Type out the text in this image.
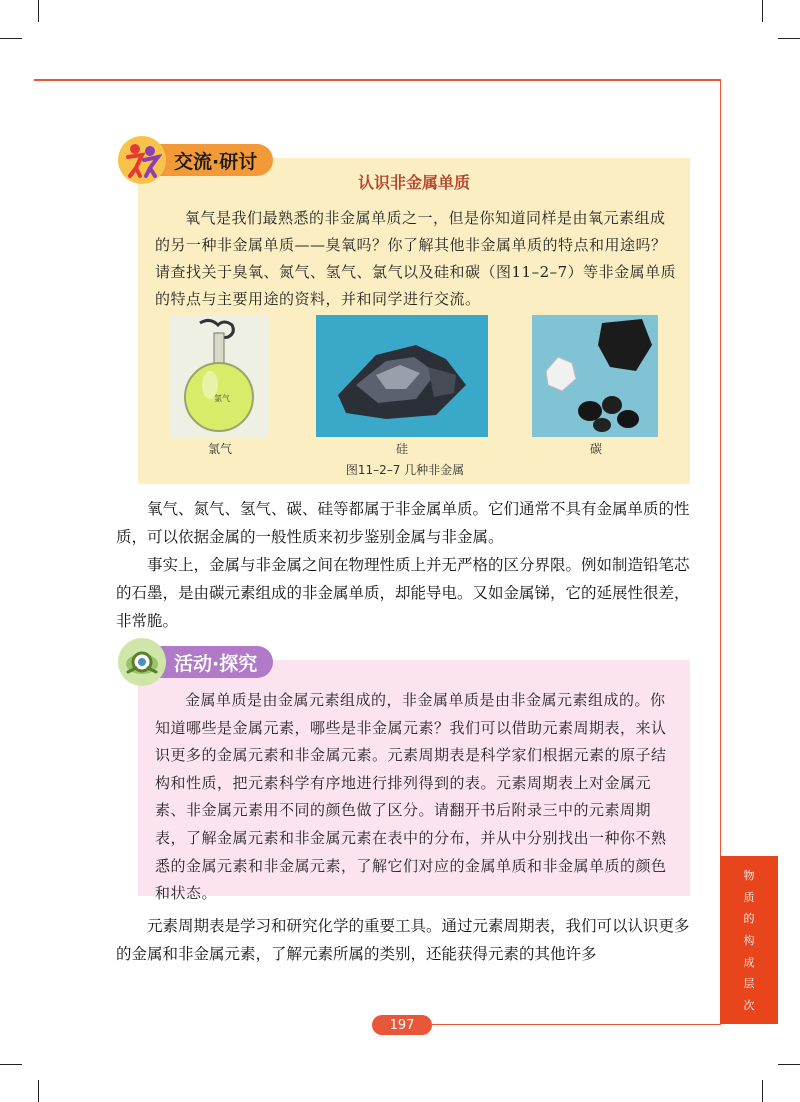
交流·研讨
认识非金属单质

氧气是我们最熟悉的非金属单质之一，但是你知道同样是由氧元素组成的另一种非金属单质——臭氧吗？你了解其他非金属单质的特点和用途吗？请查找关于臭氧、氮气、氢气、氯气以及硅和碳（图11–2–7）等非金属单质的特点与主要用途的资料，并和同学进行交流。

氯气
氯气	硅	碳
图11–2–7 几种非金属

氧气、氮气、氢气、碳、硅等都属于非金属单质。它们通常不具有金属单质的性质，可以依据金属的一般性质来初步鉴别金属与非金属。

事实上，金属与非金属之间在物理性质上并无严格的区分界限。例如制造铅笔芯的石墨，是由碳元素组成的非金属单质，却能导电。又如金属锑，它的延展性很差，非常脆。

活动·探究

金属单质是由金属元素组成的，非金属单质是由非金属元素组成的。你知道哪些是金属元素，哪些是非金属元素？我们可以借助元素周期表，来认识更多的金属元素和非金属元素。元素周期表是科学家们根据元素的原子结构和性质，把元素科学有序地进行排列得到的表。元素周期表上对金属元素、非金属元素用不同的颜色做了区分。请翻开书后附录三中的元素周期表，了解金属元素和非金属元素在表中的分布，并从中分别找出一种你不熟悉的金属元素和非金属元素，了解它们对应的金属单质和非金属单质的颜色和状态。

元素周期表是学习和研究化学的重要工具。通过元素周期表，我们可以认识更多的金属和非金属元素，了解元素所属的类别，还能获得元素的其他许多

物
质
的
构
成
层
次
197
